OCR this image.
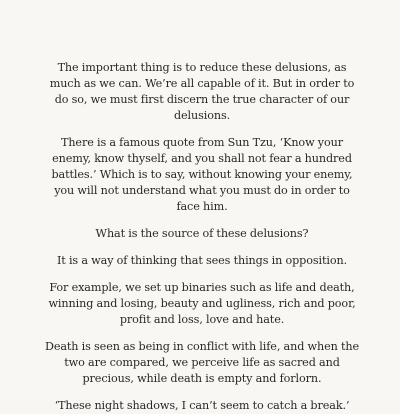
The important thing is to reduce these delusions, as much as we can. We’re all capable of it. But in order to do so, we must first discern the true character of our delusions.

There is a famous quote from Sun Tzu, ‘Know your enemy, know thyself, and you shall not fear a hundred battles.’ Which is to say, without knowing your enemy, you will not understand what you must do in order to face him.

What is the source of these delusions?

It is a way of thinking that sees things in opposition.

For example, we set up binaries such as life and death, winning and losing, beauty and ugliness, rich and poor, profit and loss, love and hate.

Death is seen as being in conflict with life, and when the two are compared, we perceive life as sacred and precious, while death is empty and forlorn.

‘These night shadows, I can’t seem to catch a break.’
